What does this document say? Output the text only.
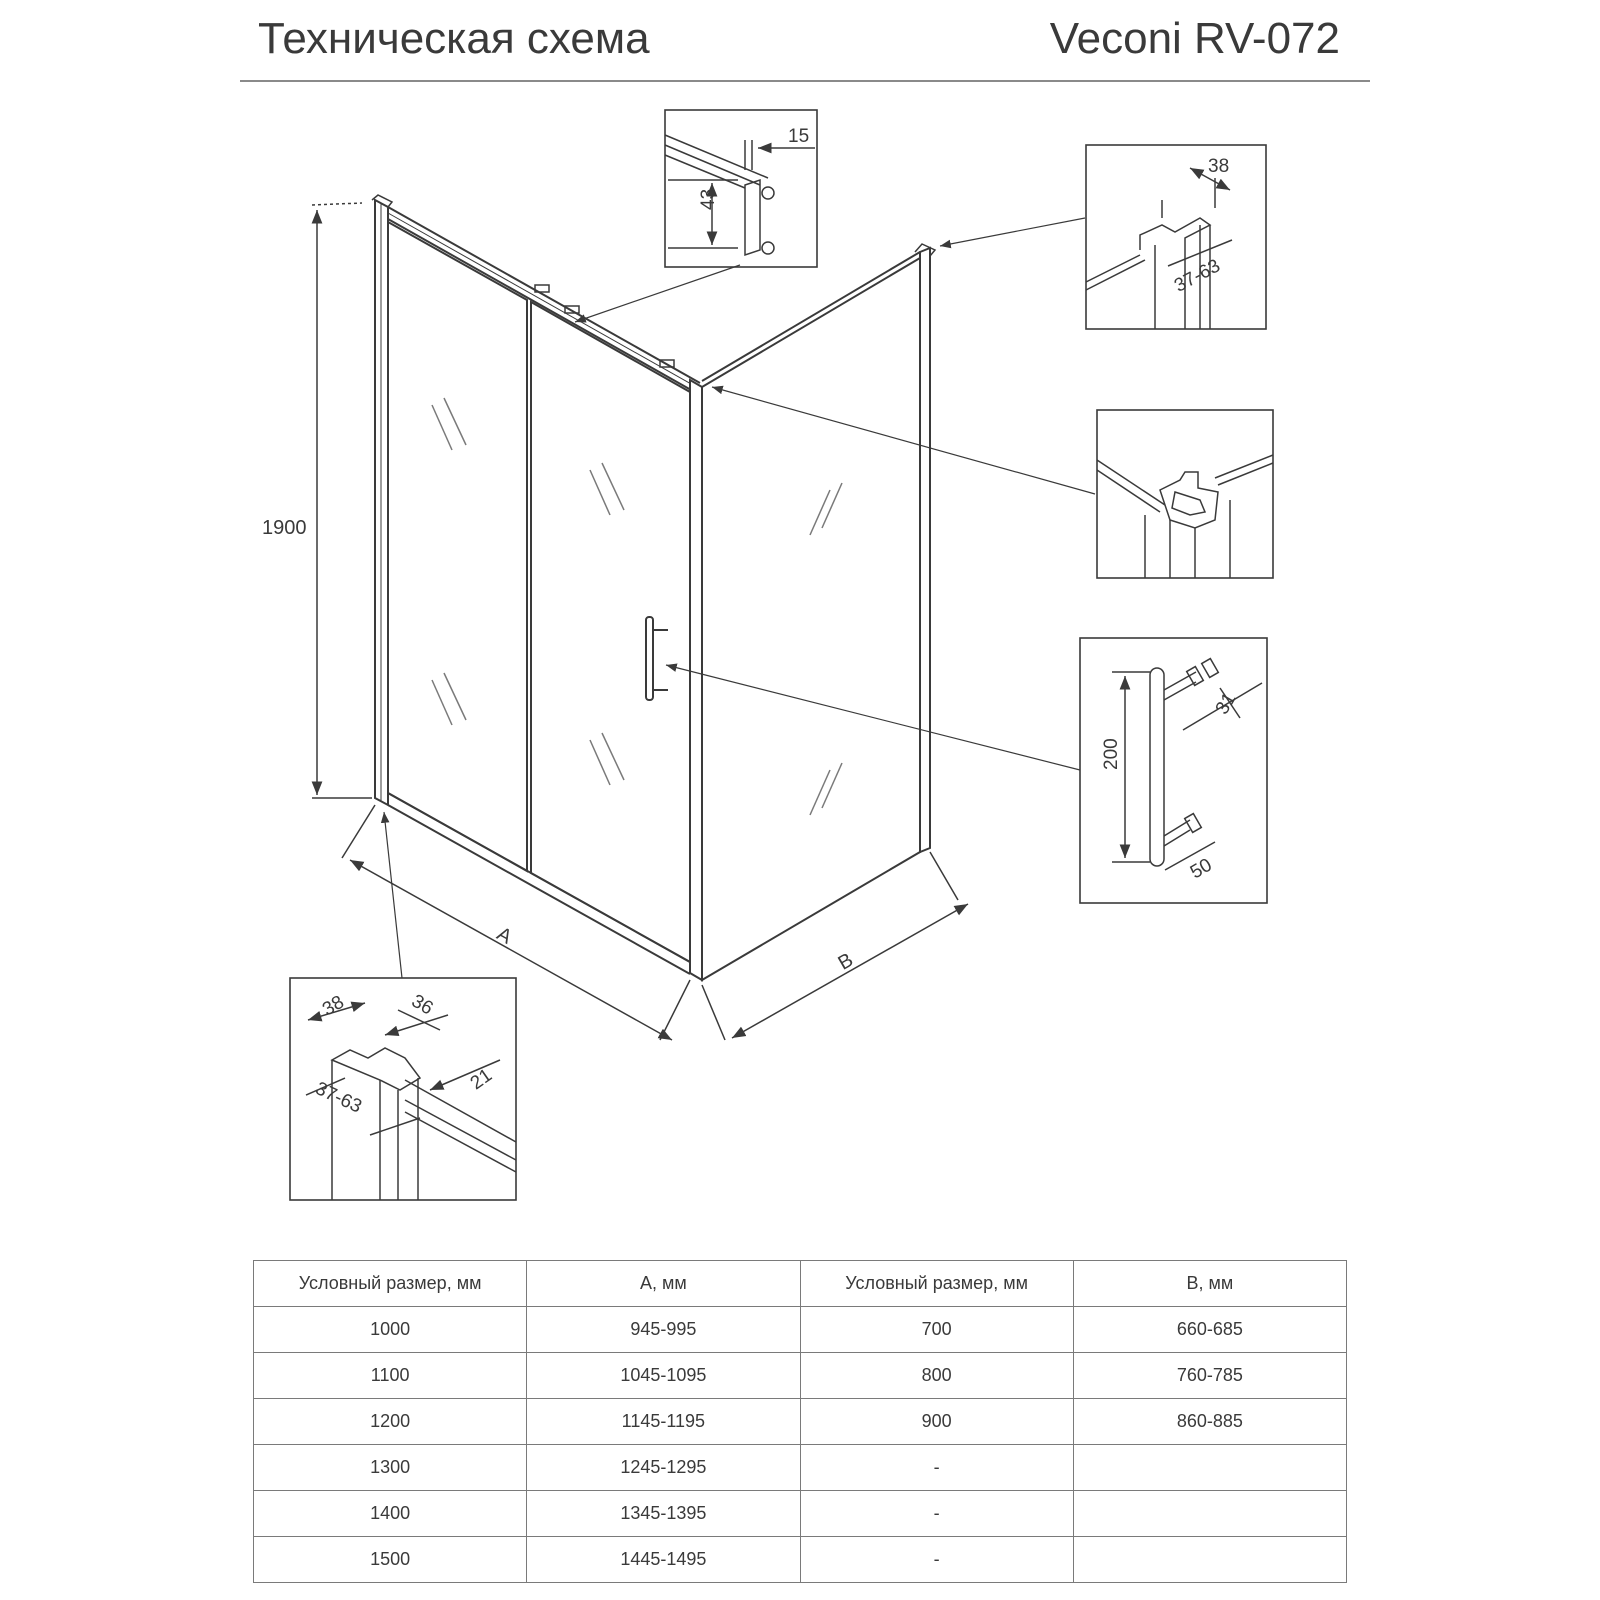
Техническая схема	Veconi RV-072
1900
A
B
15
43
38
37-63
200
31
50
38	36
21
37-63
Условный размер, мм	А, мм	Условный размер, мм	В, мм
1000	945-995	700	660-685
1100	1045-1095	800	760-785
1200	1145-1195	900	860-885
1300	1245-1295	-	
1400	1345-1395	-	
1500	1445-1495	-	
